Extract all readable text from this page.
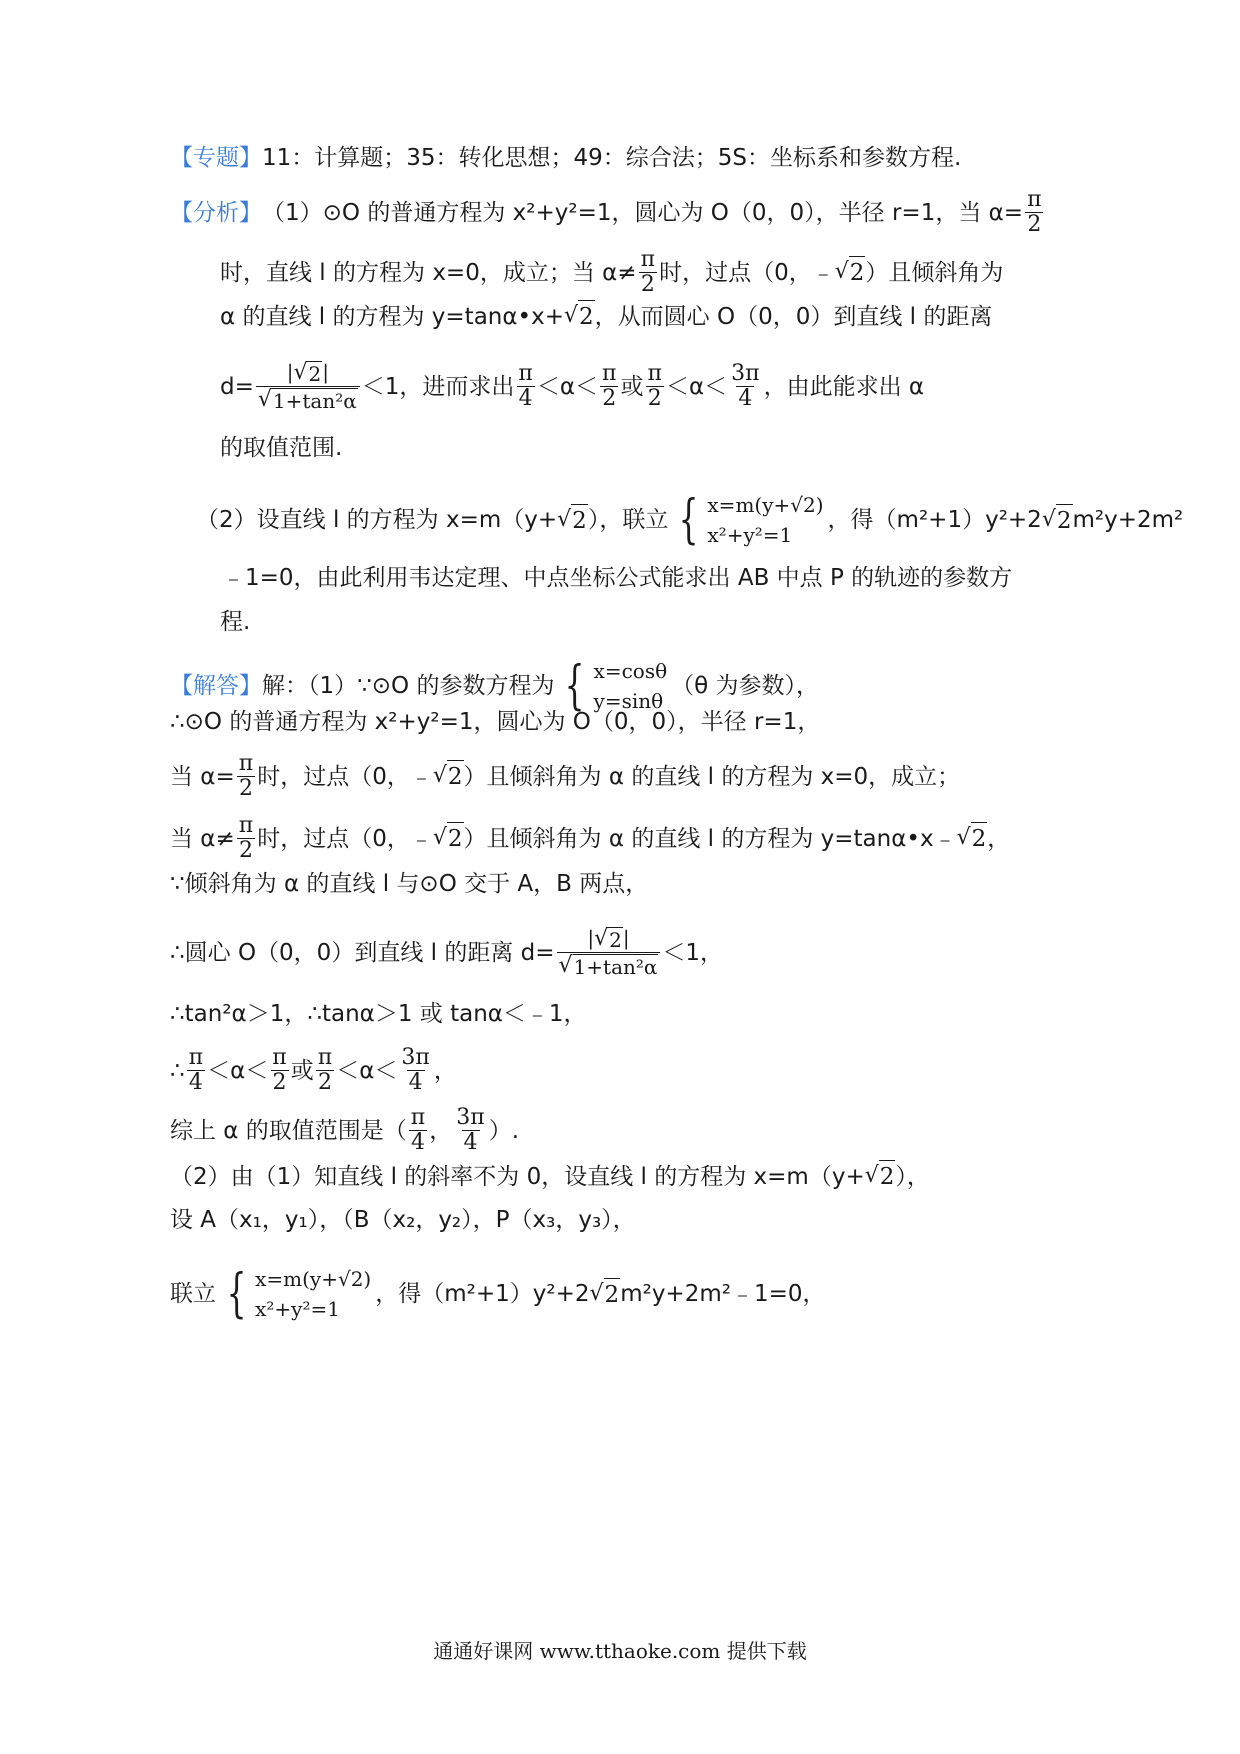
【专题】 11：计算题；35：转化思想；49：综合法；5S：坐标系和参数方程.
【分析】 （1）⊙O 的普通方程为 x²+y²=1，圆心为 O（0，0），半径 r=1，当 $\alpha= \frac{\pi}{2}$
时，直线 l 的方程为 x=0，成立；当 $\alpha\ne \frac{\pi}{2}$ 时，过点（0，﹣ √ 2 ）且倾斜角为
α 的直线 l 的方程为 y=tanα•x+ √ 2 ，从而圆心 O（0，0）到直线 l 的距离
$d= \frac{| √ 2 |}{\text{√ 1+tan²α}} <1$，进而求出 $\frac{\pi}{4} <\alpha< \frac{\pi}{2}$ 或 $\frac{\pi}{2} <\alpha< \frac{3\pi}{4}$ ，由此能求出 α
的取值范围.
（2）设直线 l 的方程为 x=m（y+ √ 2 ），联立 { x=m(y+√2)
x²+y²=1
，得（m²+1）y²+2 √ 2 m² y+2m²
﹣1=0，由此利用韦达定理、中点坐标公式能求出 AB 中点 P 的轨迹的参数方
程.
【解答】 解：（1）∵⊙O 的参数方程为 { x=cosθ
y=sinθ
（θ 为参数），
∴⊙O 的普通方程为 x²+y²=1，圆心为 O（0，0），半径 r=1，
当 $\alpha= \frac{\pi}{2}$ 时，过点（0，﹣ √ 2 ）且倾斜角为 α 的直线 l 的方程为 x=0，成立；
当 $\alpha\ne \frac{\pi}{2}$ 时，过点（0，﹣ √ 2 ）且倾斜角为 α 的直线 l 的方程为 y=tanα•x﹣ √ 2 ，
∵倾斜角为 α 的直线 l 与⊙O 交于 A，B 两点，
∴圆心 O（0，0）到直线 l 的距离 $d= \frac{| √ 2 |}{\text{√ 1+tan²α}} <1$，
∴tan²α＞1，∴tanα＞1 或 tanα＜﹣1，
∴ $\frac{\pi}{4} <\alpha< \frac{\pi}{2}$ 或 $\frac{\pi}{2} <\alpha< \frac{3\pi}{4}$ ，
综上 α 的取值范围是（ $\frac{\pi}{4}$ ， $\frac{3\pi}{4}$ ）.
（2）由（1）知直线 l 的斜率不为 0，设直线 l 的方程为 x=m（y+ √ 2 ），
设 A（x₁，y₁），（B（x₂，y₂），P（x₃，y₃），
联立 { x=m(y+√2)
x²+y²=1
，得（m²+1）y²+2 √ 2 m² y+2m²﹣1=0，
通通好课网 www.tthaoke.com 提供下载
